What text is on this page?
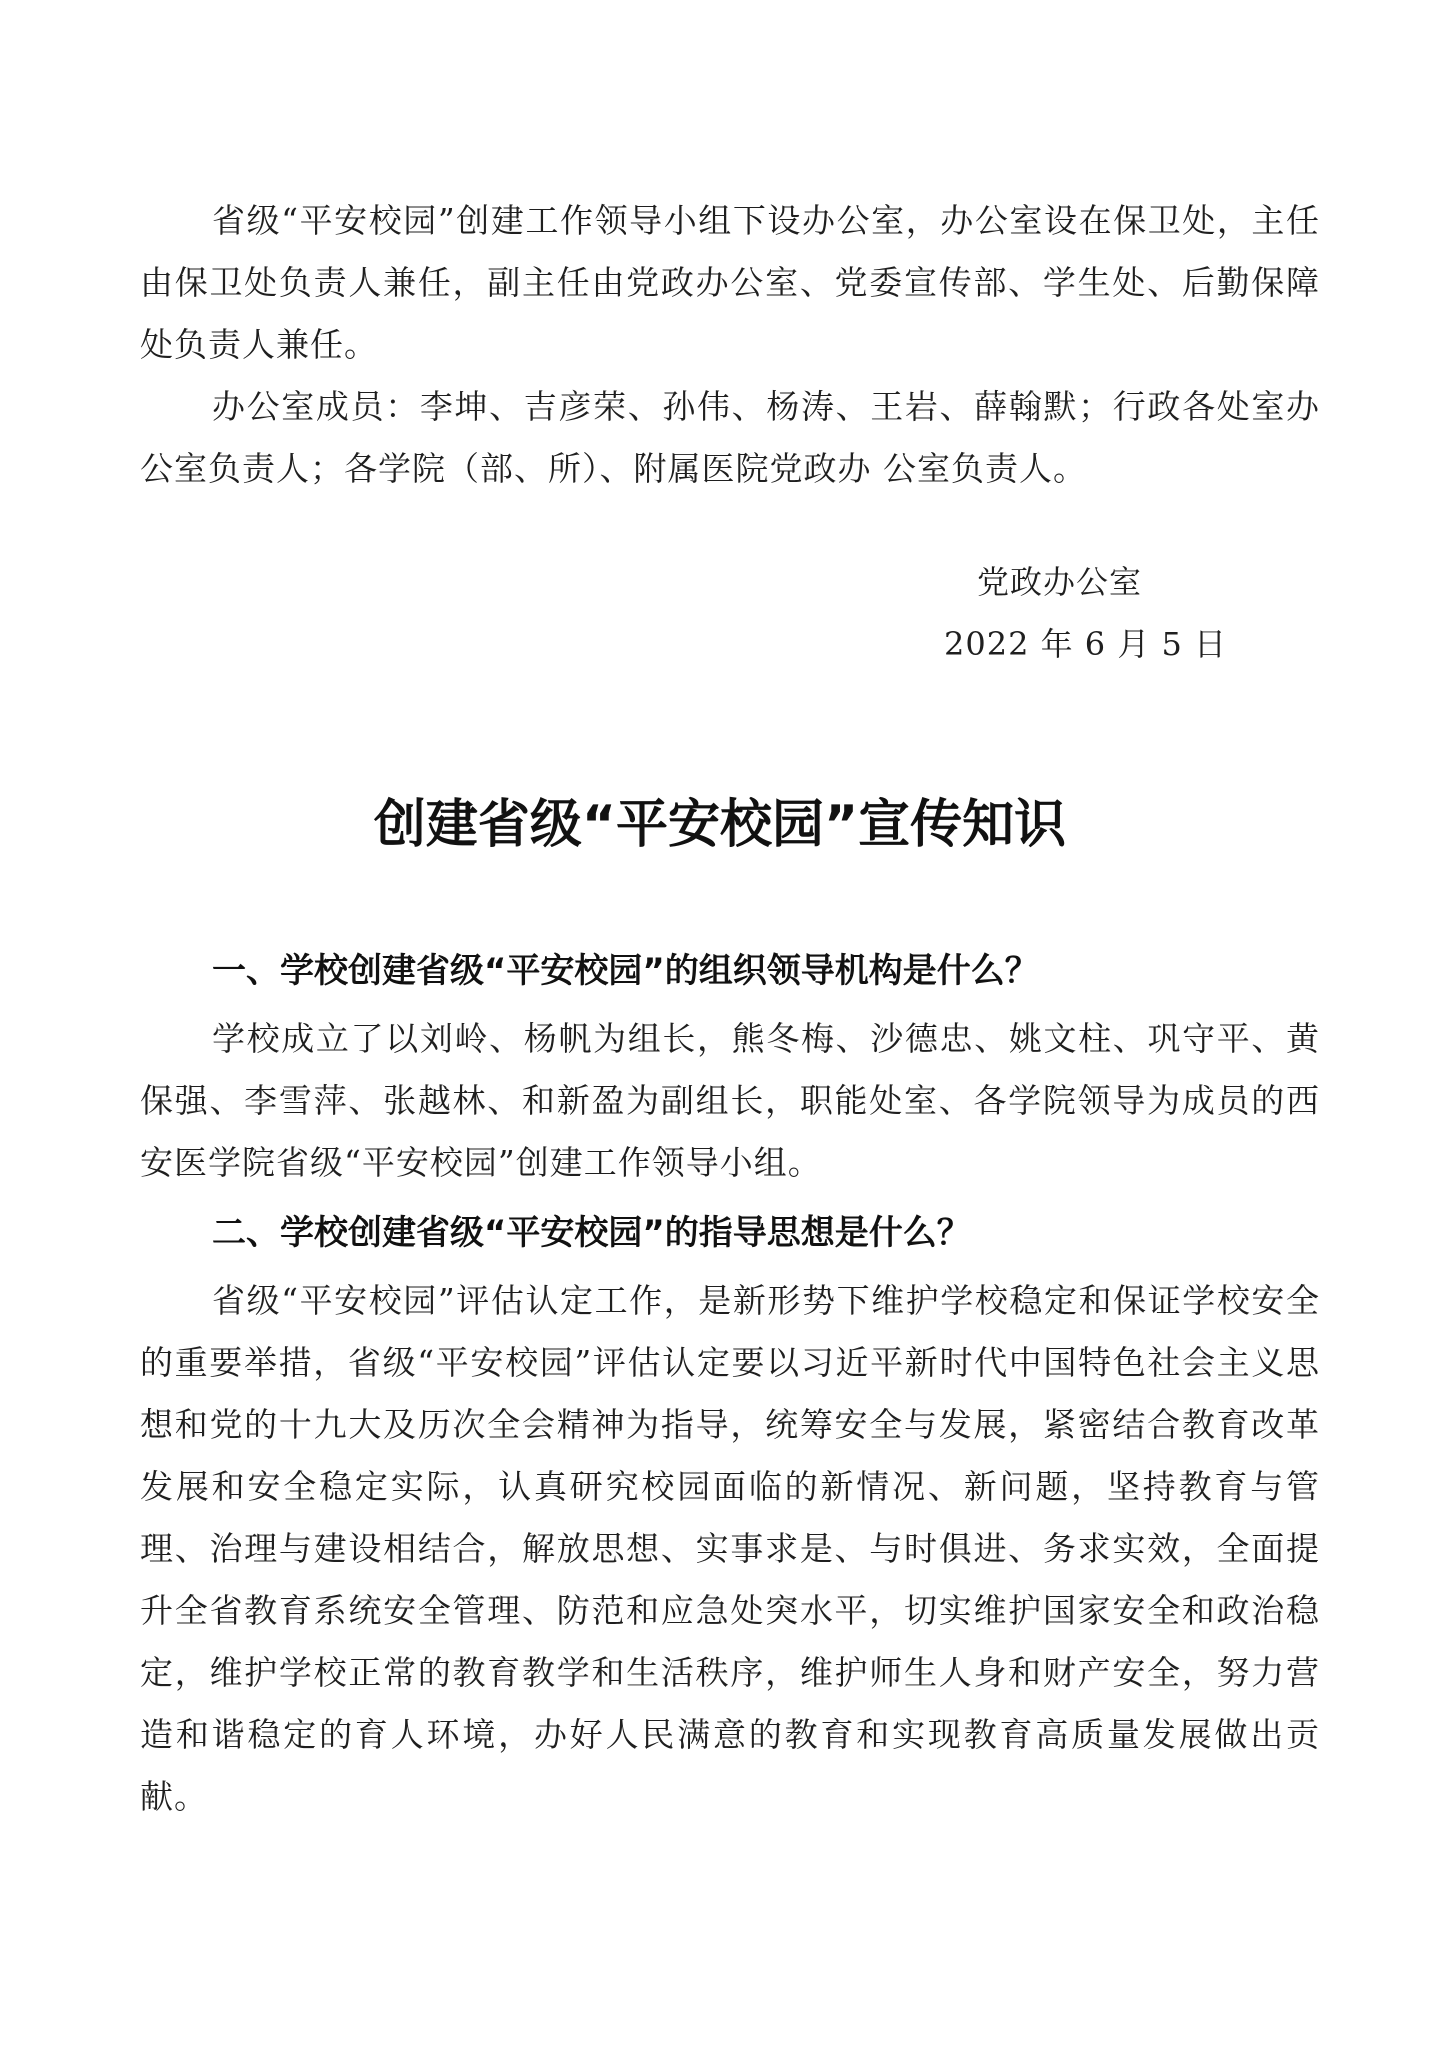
省级“平安校园”创建工作领导小组下设办公室，办公室设在保卫处，主任由保卫处负责人兼任，副主任由党政办公室、党委宣传部、学生处、后勤保障处负责人兼任。

办公室成员：李坤、吉彦荣、孙伟、杨涛、王岩、薛翰默；行政各处室办公室负责人；各学院（部、所）、附属医院党政办 公室负责人。

党政办公室
2022 年 6 月 5 日
创建省级“平安校园”宣传知识
一、学校创建省级“平安校园”的组织领导机构是什么？

学校成立了以刘岭、杨帆为组长，熊冬梅、沙德忠、姚文柱、巩守平、黄保强、李雪萍、张越林、和新盈为副组长，职能处室、各学院领导为成员的西安医学院省级“平安校园”创建工作领导小组。

二、学校创建省级“平安校园”的指导思想是什么？

省级“平安校园”评估认定工作，是新形势下维护学校稳定和保证学校安全的重要举措，省级“平安校园”评估认定要以习近平新时代中国特色社会主义思想和党的十九大及历次全会精神为指导，统筹安全与发展，紧密结合教育改革发展和安全稳定实际，认真研究校园面临的新情况、新问题，坚持教育与管理、治理与建设相结合，解放思想、实事求是、与时俱进、务求实效，全面提升全省教育系统安全管理、防范和应急处突水平，切实维护国家安全和政治稳定，维护学校正常的教育教学和生活秩序，维护师生人身和财产安全，努力营造和谐稳定的育人环境，办好人民满意的教育和实现教育高质量发展做出贡献。
